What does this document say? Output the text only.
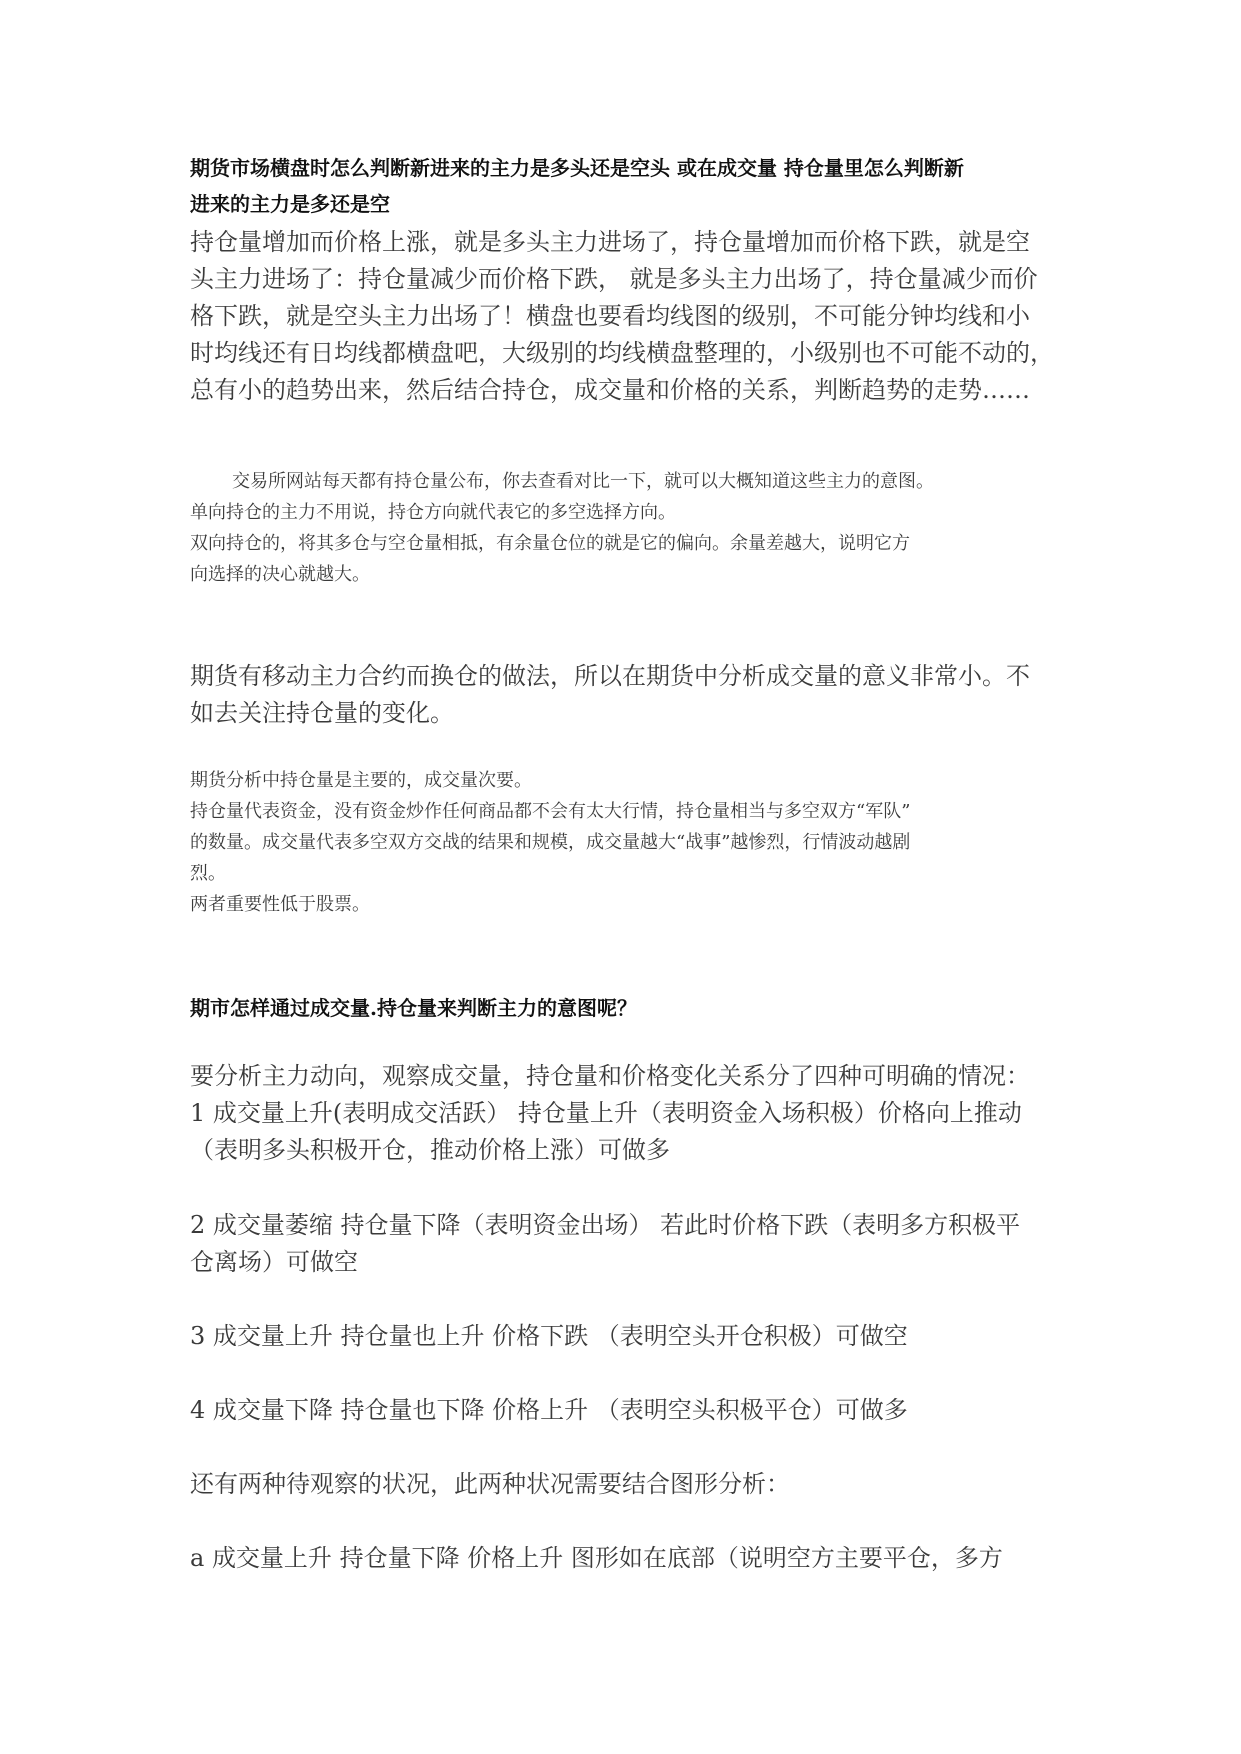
期货市场横盘时怎么判断新进来的主力是多头还是空头 或在成交量 持仓量里怎么判断新
进来的主力是多还是空
持仓量增加而价格上涨，就是多头主力进场了，持仓量增加而价格下跌，就是空
头主力进场了：持仓量减少而价格下跌， 就是多头主力出场了，持仓量减少而价
格下跌，就是空头主力出场了！横盘也要看均线图的级别，不可能分钟均线和小
时均线还有日均线都横盘吧，大级别的均线横盘整理的，小级别也不可能不动的，
总有小的趋势出来，然后结合持仓，成交量和价格的关系，判断趋势的走势……
交易所网站每天都有持仓量公布，你去查看对比一下，就可以大概知道这些主力的意图。
单向持仓的主力不用说，持仓方向就代表它的多空选择方向。
双向持仓的，将其多仓与空仓量相抵，有余量仓位的就是它的偏向。余量差越大，说明它方
向选择的决心就越大。
期货有移动主力合约而换仓的做法，所以在期货中分析成交量的意义非常小。不
如去关注持仓量的变化。
期货分析中持仓量是主要的，成交量次要。
持仓量代表资金，没有资金炒作任何商品都不会有太大行情，持仓量相当与多空双方“军队”
的数量。成交量代表多空双方交战的结果和规模，成交量越大“战事”越惨烈，行情波动越剧
烈。
两者重要性低于股票。
期市怎样通过成交量.持仓量来判断主力的意图呢？
要分析主力动向，观察成交量，持仓量和价格变化关系分了四种可明确的情况：
1 成交量上升(表明成交活跃） 持仓量上升（表明资金入场积极）价格向上推动
（表明多头积极开仓，推动价格上涨）可做多
2 成交量萎缩 持仓量下降（表明资金出场） 若此时价格下跌（表明多方积极平
仓离场）可做空
3 成交量上升 持仓量也上升 价格下跌 （表明空头开仓积极）可做空
4 成交量下降 持仓量也下降 价格上升 （表明空头积极平仓）可做多
还有两种待观察的状况，此两种状况需要结合图形分析：
a 成交量上升 持仓量下降 价格上升 图形如在底部（说明空方主要平仓，多方
